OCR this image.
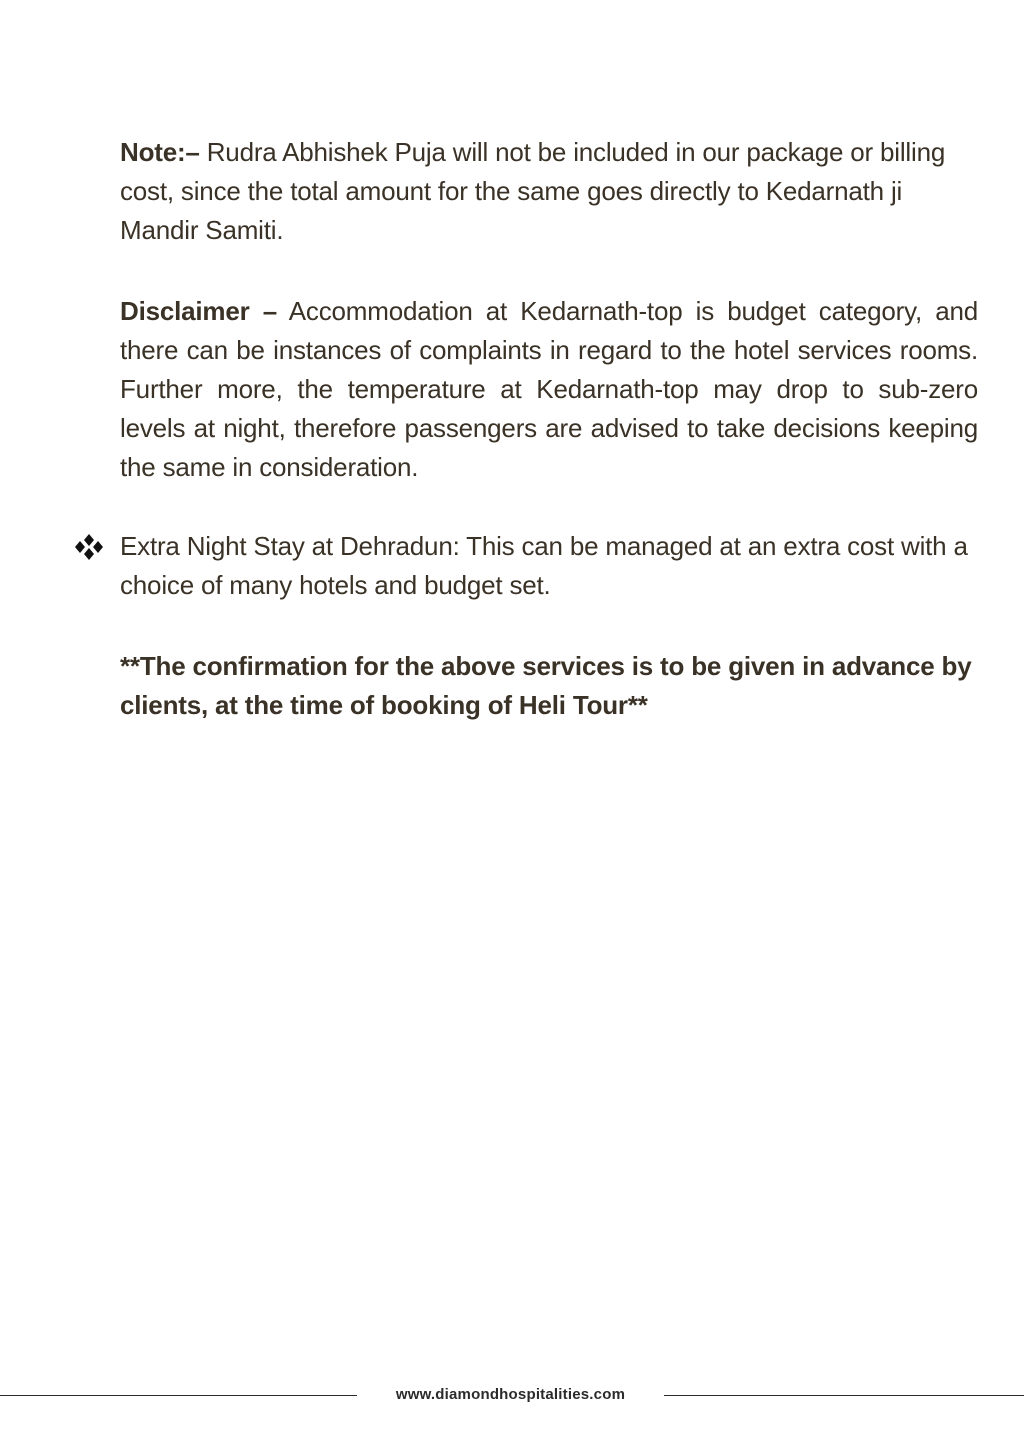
Note:– Rudra Abhishek Puja will not be included in our package or billing cost, since the total amount for the same goes directly to Kedarnath ji Mandir Samiti.

Disclaimer – Accommodation at Kedarnath-top is budget category, and there can be instances of complaints in regard to the hotel services rooms. Further more, the temperature at Kedarnath-top may drop to sub-zero levels at night, therefore passengers are advised to take decisions keeping the same in consideration.

Extra Night Stay at Dehradun: This can be managed at an extra cost with a choice of many hotels and budget set.

**The confirmation for the above services is to be given in advance by clients, at the time of booking of Heli Tour**

www.diamondhospitalities.com
